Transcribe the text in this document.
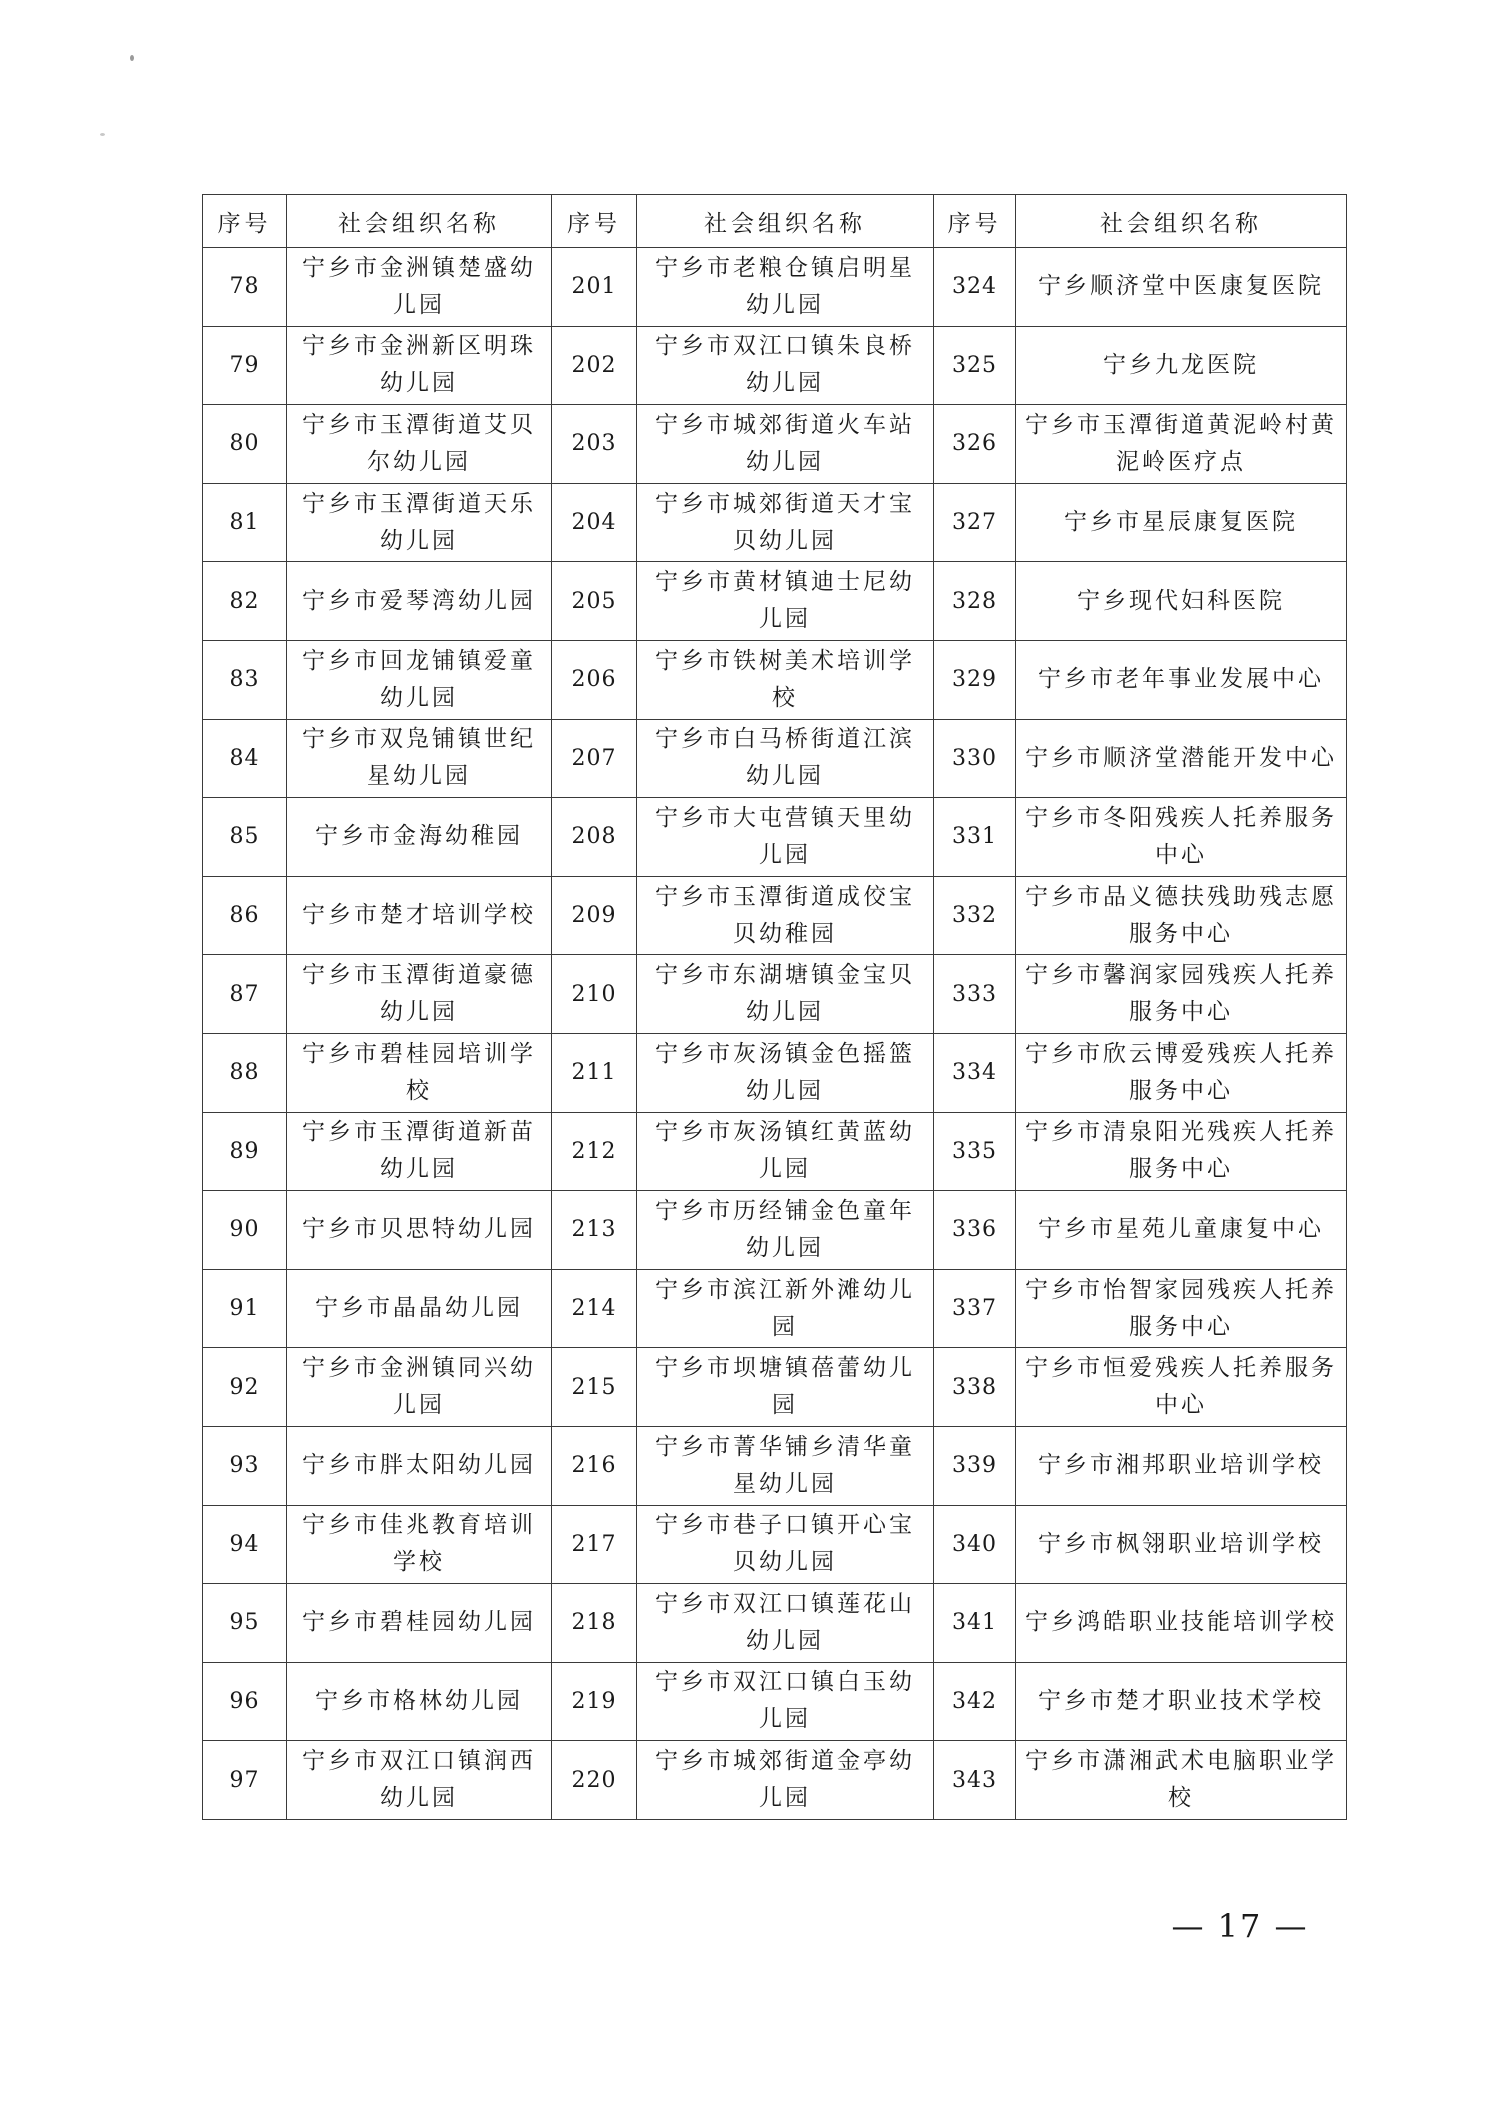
序号	社会组织名称	序号	社会组织名称	序号	社会组织名称
78	宁乡市金洲镇楚盛幼儿园	201	宁乡市老粮仓镇启明星幼儿园	324	宁乡顺济堂中医康复医院
79	宁乡市金洲新区明珠幼儿园	202	宁乡市双江口镇朱良桥幼儿园	325	宁乡九龙医院
80	宁乡市玉潭街道艾贝尔幼儿园	203	宁乡市城郊街道火车站幼儿园	326	宁乡市玉潭街道黄泥岭村黄泥岭医疗点
81	宁乡市玉潭街道天乐幼儿园	204	宁乡市城郊街道天才宝贝幼儿园	327	宁乡市星辰康复医院
82	宁乡市爱琴湾幼儿园	205	宁乡市黄材镇迪士尼幼儿园	328	宁乡现代妇科医院
83	宁乡市回龙铺镇爱童幼儿园	206	宁乡市铁树美术培训学校	329	宁乡市老年事业发展中心
84	宁乡市双凫铺镇世纪星幼儿园	207	宁乡市白马桥街道江滨幼儿园	330	宁乡市顺济堂潜能开发中心
85	宁乡市金海幼稚园	208	宁乡市大屯营镇天里幼儿园	331	宁乡市冬阳残疾人托养服务中心
86	宁乡市楚才培训学校	209	宁乡市玉潭街道成佼宝贝幼稚园	332	宁乡市品义德扶残助残志愿服务中心
87	宁乡市玉潭街道豪德幼儿园	210	宁乡市东湖塘镇金宝贝幼儿园	333	宁乡市馨润家园残疾人托养服务中心
88	宁乡市碧桂园培训学校	211	宁乡市灰汤镇金色摇篮幼儿园	334	宁乡市欣云博爱残疾人托养服务中心
89	宁乡市玉潭街道新苗幼儿园	212	宁乡市灰汤镇红黄蓝幼儿园	335	宁乡市清泉阳光残疾人托养服务中心
90	宁乡市贝思特幼儿园	213	宁乡市历经铺金色童年幼儿园	336	宁乡市星苑儿童康复中心
91	宁乡市晶晶幼儿园	214	宁乡市滨江新外滩幼儿园	337	宁乡市怡智家园残疾人托养服务中心
92	宁乡市金洲镇同兴幼儿园	215	宁乡市坝塘镇蓓蕾幼儿园	338	宁乡市恒爱残疾人托养服务中心
93	宁乡市胖太阳幼儿园	216	宁乡市菁华铺乡清华童星幼儿园	339	宁乡市湘邦职业培训学校
94	宁乡市佳兆教育培训学校	217	宁乡市巷子口镇开心宝贝幼儿园	340	宁乡市枫翎职业培训学校
95	宁乡市碧桂园幼儿园	218	宁乡市双江口镇莲花山幼儿园	341	宁乡鸿皓职业技能培训学校
96	宁乡市格林幼儿园	219	宁乡市双江口镇白玉幼儿园	342	宁乡市楚才职业技术学校
97	宁乡市双江口镇润西幼儿园	220	宁乡市城郊街道金亭幼儿园	343	宁乡市潇湘武术电脑职业学校
— 17 —
